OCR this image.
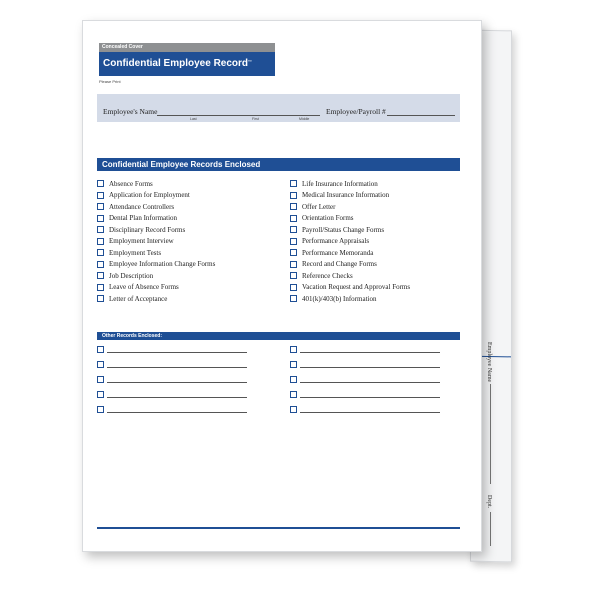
Employee Name
Dept.
Concealed Cover
Confidential Employee Record™
Please Print
Employee's Name
Last	First	Middle
Employee/Payroll #
Confidential Employee Records Enclosed
Absence Forms
Application for Employment
Attendance Controllers
Dental Plan Information
Disciplinary Record Forms
Employment Interview
Employment Tests
Employee Information Change Forms
Job Description
Leave of Absence Forms
Letter of Acceptance
Life Insurance Information
Medical Insurance Information
Offer Letter
Orientation Forms
Payroll/Status Change Forms
Performance Appraisals
Performance Memoranda
Record and Change Forms
Reference Checks
Vacation Request and Approval Forms
401(k)/403(b) Information
Other Records Enclosed:
